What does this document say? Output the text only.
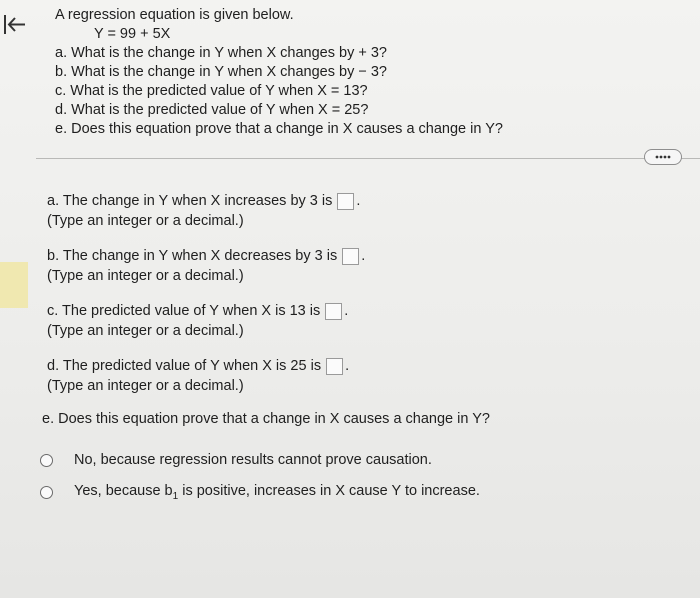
A regression equation is given below.
Y = 99 + 5X
a. What is the change in Y when X changes by + 3?
b. What is the change in Y when X changes by − 3?
c. What is the predicted value of Y when X = 13?
d. What is the predicted value of Y when X = 25?
e. Does this equation prove that a change in X causes a change in Y?
a. The change in Y when X increases by 3 is .
(Type an integer or a decimal.)
b. The change in Y when X decreases by 3 is .
(Type an integer or a decimal.)
c. The predicted value of Y when X is 13 is .
(Type an integer or a decimal.)
d. The predicted value of Y when X is 25 is .
(Type an integer or a decimal.)
e. Does this equation prove that a change in X causes a change in Y?
No, because regression results cannot prove causation.
Yes, because $b_1$ is positive, increases in X cause Y to increase.
